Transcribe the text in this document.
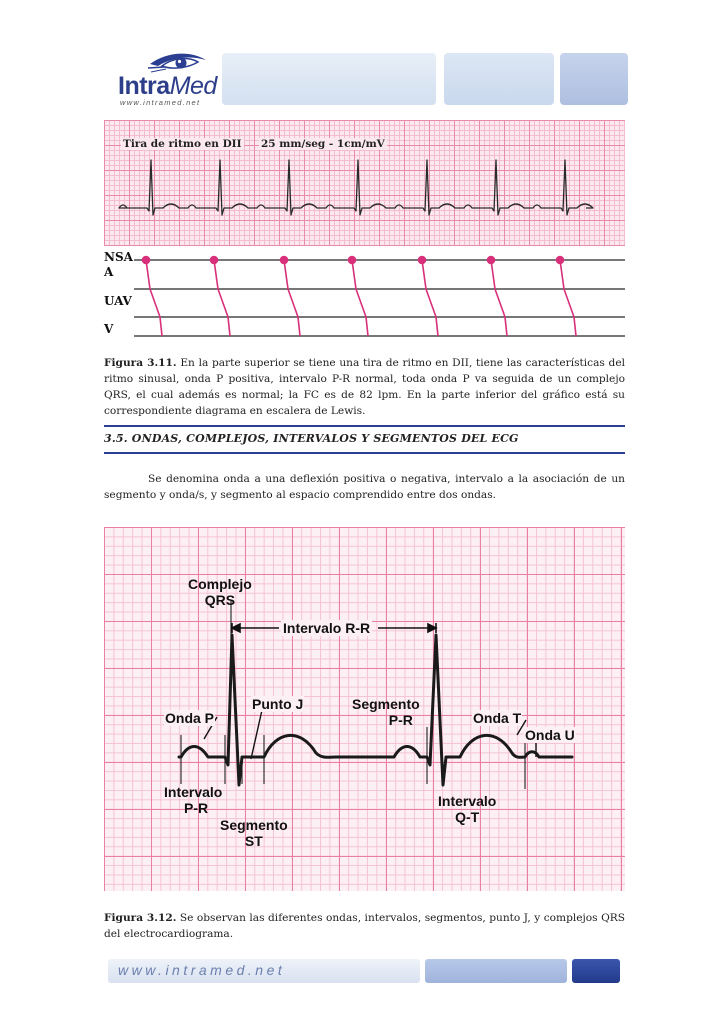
IntraMed
www.intramed.net
Tira de ritmo en DII 25 mm/seg - 1cm/mV
NSA
A
UAV
V
Figura 3.11. En la parte superior se tiene una tira de ritmo en DII, tiene las características del ritmo sinusal, onda P positiva, intervalo P-R normal, toda onda P va seguida de un complejo QRS, el cual además es normal; la FC es de 82 lpm. En la parte inferior del gráfico está su correspondiente diagrama en escalera de Lewis.
3.5. ONDAS, COMPLEJOS, INTERVALOS Y SEGMENTOS DEL ECG
Se denomina onda a una deflexión positiva o negativa, intervalo a la asociación de un segmento y onda/s, y segmento al espacio comprendido entre dos ondas.
Complejo
QRS
Intervalo R-R
Punto J	Segmento
P-R
Onda P	Onda T
Onda U
Intervalo
P-R
Segmento
ST
Intervalo
Q-T
Figura 3.12. Se observan las diferentes ondas, intervalos, segmentos, punto J, y complejos QRS del electrocardiograma.
www.intramed.net
